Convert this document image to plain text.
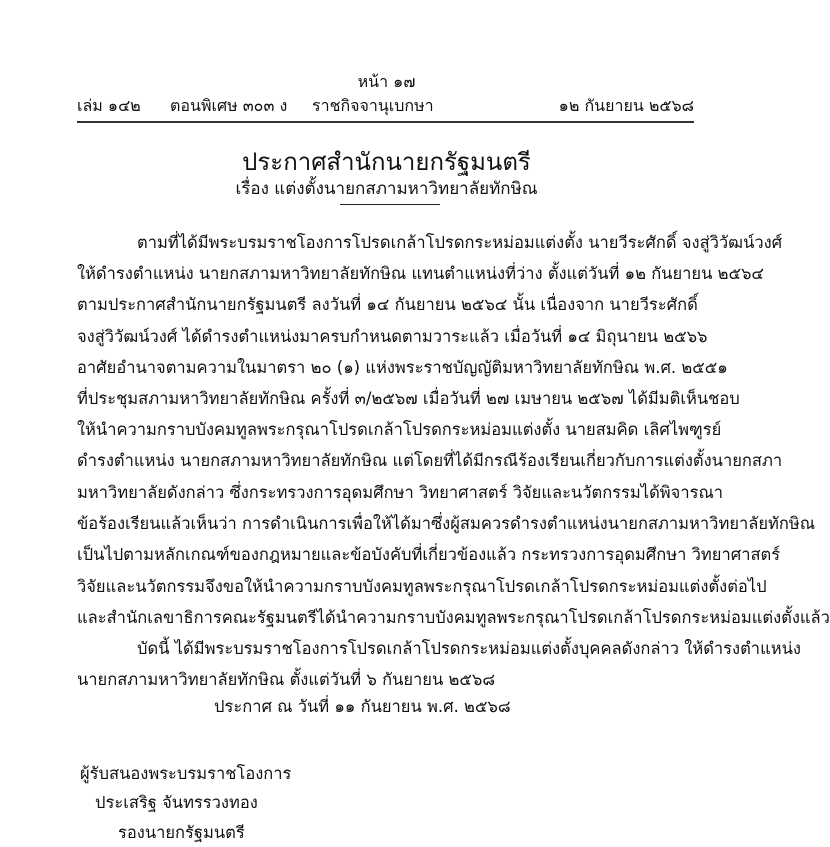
หน้า ๑๗
เล่ม ๑๔๒ ตอนพิเศษ ๓๐๓ ง ราชกิจจานุเบกษา	๑๒ กันยายน ๒๕๖๘
ประกาศสำนักนายกรัฐมนตรี
เรื่อง แต่งตั้งนายกสภามหาวิทยาลัยทักษิณ
ตามที่ได้มีพระบรมราชโองการโปรดเกล้าโปรดกระหม่อมแต่งตั้ง นายวีระศักดิ์ จงสู่วิวัฒน์วงศ์
ให้ดำรงตำแหน่ง นายกสภามหาวิทยาลัยทักษิณ แทนตำแหน่งที่ว่าง ตั้งแต่วันที่ ๑๒ กันยายน ๒๕๖๔
ตามประกาศสำนักนายกรัฐมนตรี ลงวันที่ ๑๔ กันยายน ๒๕๖๔ นั้น เนื่องจาก นายวีระศักดิ์
จงสู่วิวัฒน์วงศ์ ได้ดำรงตำแหน่งมาครบกำหนดตามวาระแล้ว เมื่อวันที่ ๑๔ มิถุนายน ๒๕๖๖
อาศัยอำนาจตามความในมาตรา ๒๐ (๑) แห่งพระราชบัญญัติมหาวิทยาลัยทักษิณ พ.ศ. ๒๕๕๑
ที่ประชุมสภามหาวิทยาลัยทักษิณ ครั้งที่ ๓/๒๕๖๗ เมื่อวันที่ ๒๗ เมษายน ๒๕๖๗ ได้มีมติเห็นชอบ
ให้นำความกราบบังคมทูลพระกรุณาโปรดเกล้าโปรดกระหม่อมแต่งตั้ง นายสมคิด เลิศไพฑูรย์
ดำรงตำแหน่ง นายกสภามหาวิทยาลัยทักษิณ แต่โดยที่ได้มีกรณีร้องเรียนเกี่ยวกับการแต่งตั้งนายกสภา
มหาวิทยาลัยดังกล่าว ซึ่งกระทรวงการอุดมศึกษา วิทยาศาสตร์ วิจัยและนวัตกรรมได้พิจารณา
ข้อร้องเรียนแล้วเห็นว่า การดำเนินการเพื่อให้ได้มาซึ่งผู้สมควรดำรงตำแหน่งนายกสภามหาวิทยาลัยทักษิณ
เป็นไปตามหลักเกณฑ์ของกฎหมายและข้อบังคับที่เกี่ยวข้องแล้ว กระทรวงการอุดมศึกษา วิทยาศาสตร์
วิจัยและนวัตกรรมจึงขอให้นำความกราบบังคมทูลพระกรุณาโปรดเกล้าโปรดกระหม่อมแต่งตั้งต่อไป
และสำนักเลขาธิการคณะรัฐมนตรีได้นำความกราบบังคมทูลพระกรุณาโปรดเกล้าโปรดกระหม่อมแต่งตั้งแล้ว
บัดนี้ ได้มีพระบรมราชโองการโปรดเกล้าโปรดกระหม่อมแต่งตั้งบุคคลดังกล่าว ให้ดำรงตำแหน่ง
นายกสภามหาวิทยาลัยทักษิณ ตั้งแต่วันที่ ๖ กันยายน ๒๕๖๘
ประกาศ ณ วันที่ ๑๑ กันยายน พ.ศ. ๒๕๖๘
ผู้รับสนองพระบรมราชโองการ
ประเสริฐ จันทรรวงทอง
รองนายกรัฐมนตรี
